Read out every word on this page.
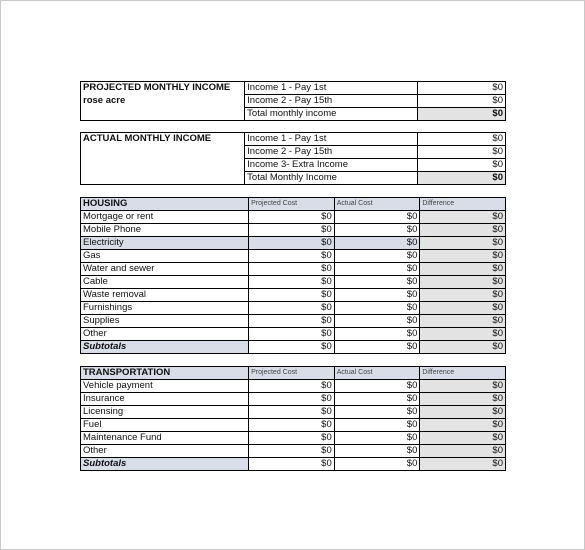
PROJECTED MONTHLY INCOME	Income 1 - Pay 1st	$0
rose acre	Income 2 - Pay 15th	$0
	Total monthly income	$0
ACTUAL MONTHLY INCOME	Income 1 - Pay 1st	$0
	Income 2 - Pay 15th	$0
	Income 3- Extra Income	$0
	Total Monthly Income	$0
HOUSING	Projected Cost	Actual Cost	Difference
Mortgage or rent	$0	$0	$0
Mobile Phone	$0	$0	$0
Electricity	$0	$0	$0
Gas	$0	$0	$0
Water and sewer	$0	$0	$0
Cable	$0	$0	$0
Waste removal	$0	$0	$0
Furnishings	$0	$0	$0
Supplies	$0	$0	$0
Other	$0	$0	$0
Subtotals	$0	$0	$0
TRANSPORTATION	Projected Cost	Actual Cost	Difference
Vehicle payment	$0	$0	$0
Insurance	$0	$0	$0
Licensing	$0	$0	$0
Fuel	$0	$0	$0
Maintenance Fund	$0	$0	$0
Other	$0	$0	$0
Subtotals	$0	$0	$0
